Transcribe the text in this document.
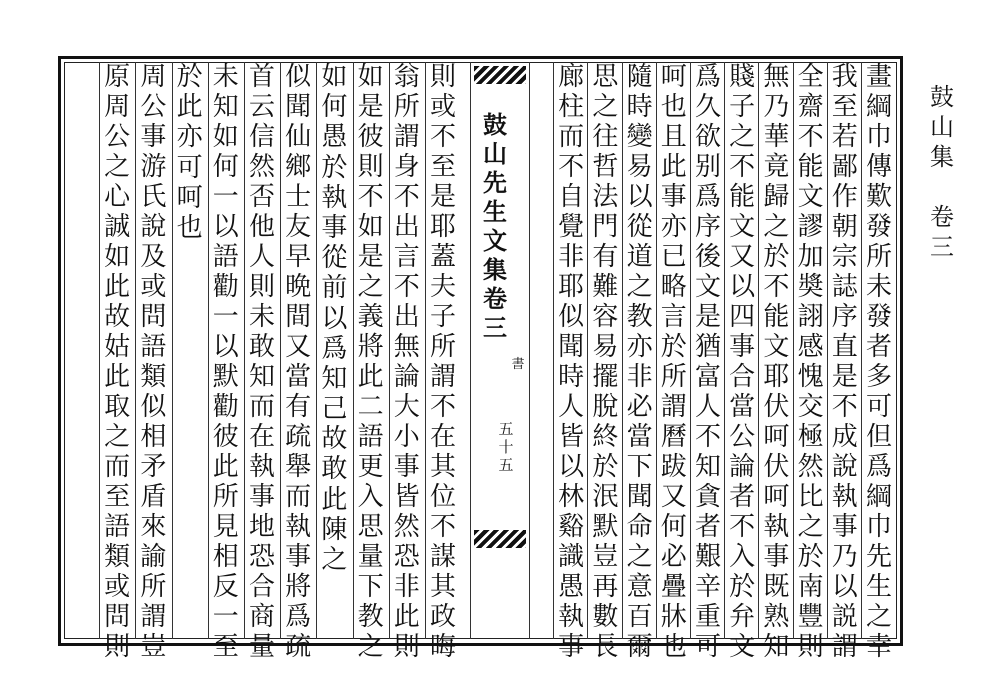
鼓
山
集
卷
三
鼓
山
先
生
文
集
卷
三
書
五
十
五
畫
綱
巾
傳
歎
發
所
未
發
者
多
可
但
爲
綱
巾
先
生
之
幸
我
至
若
鄙
作
朝
宗
誌
序
直
是
不
成
說
執
事
乃
以
説
謂
全
齋
不
能
文
謬
加
奬
詡
感
愧
交
極
然
比
之
於
南
豐
則
無
乃
華
竟
歸
之
於
不
能
文
耶
伏
呵
伏
呵
執
事
既
熟
知
賤
子
之
不
能
文
又
以
四
事
合
當
公
論
者
不
入
於
弁
文
爲
久
欲
别
爲
序
後
文
是
猶
富
人
不
知
貪
者
艱
辛
重
可
呵
也
且
此
事
亦
已
略
言
於
所
謂
曆
跋
又
何
必
疊
牀
也
隨
時
變
易
以
從
道
之
教
亦
非
必
當
下
聞
命
之
意
百
爾
思
之
往
哲
法
門
有
難
容
易
擺
脫
終
於
泯
默
豈
再
數
長
廊
柱
而
不
自
覺
非
耶
似
聞
時
人
皆
以
林
谿
識
愚
執
事
則
或
不
至
是
耶
蓋
夫
子
所
謂
不
在
其
位
不
謀
其
政
晦
翁
所
謂
身
不
出
言
不
出
無
論
大
小
事
皆
然
恐
非
此
則
如
是
彼
則
不
如
是
之
義
將
此
二
語
更
入
思
量
下
教
之
如
何
愚
於
執
事
從
前
以
爲
知
己
故
敢
此
陳
之
似
聞
仙
鄉
士
友
早
晩
間
又
當
有
疏
舉
而
執
事
將
爲
疏
首
云
信
然
否
他
人
則
未
敢
知
而
在
執
事
地
恐
合
商
量
未
知
如
何
一
以
語
勸
一
以
默
勸
彼
此
所
見
相
反
一
至
於
此
亦
可
呵
也
周
公
事
游
氏
說
及
或
問
語
類
似
相
矛
盾
來
諭
所
謂
豈
原
周
公
之
心
誠
如
此
故
姑
此
取
之
而
至
語
類
或
問
則
